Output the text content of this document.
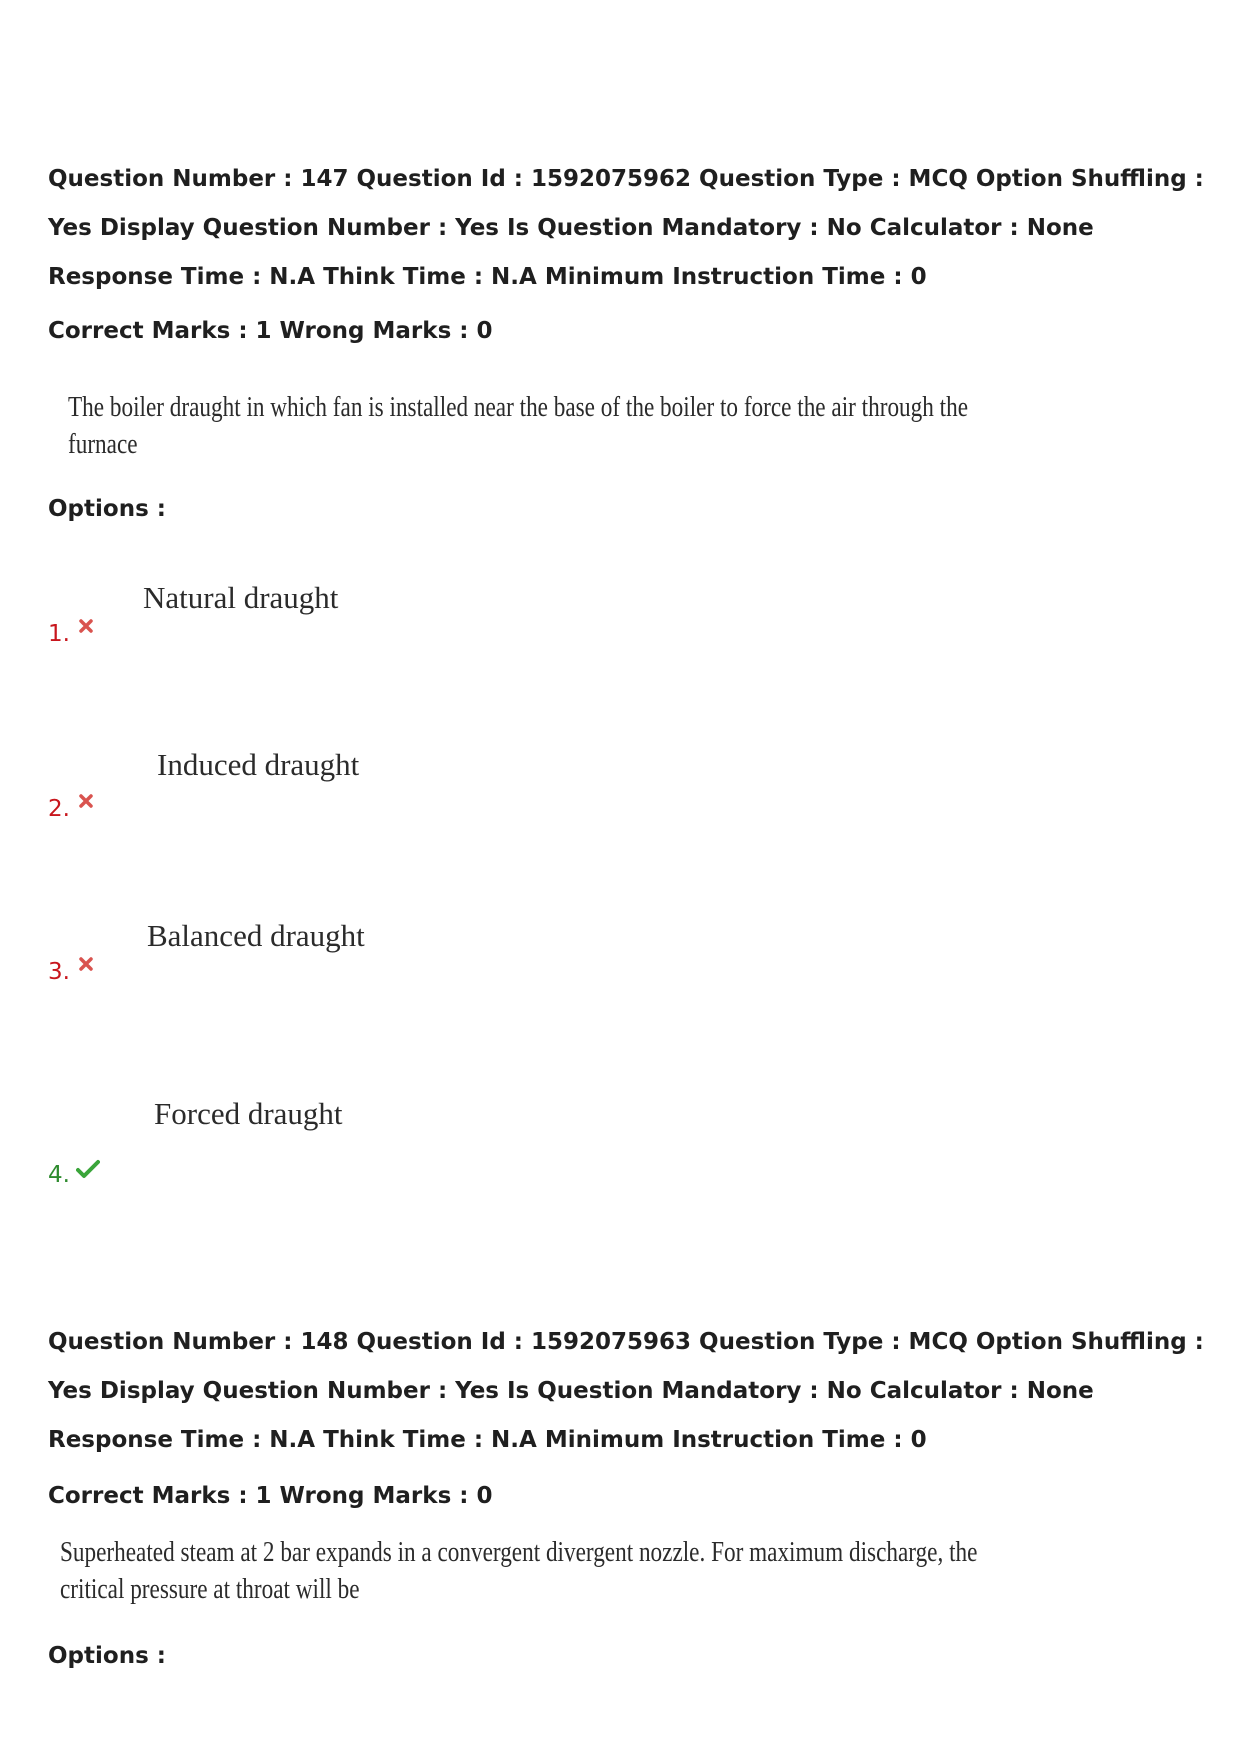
Question Number : 147 Question Id : 1592075962 Question Type : MCQ Option Shuffling : Yes Display Question Number : Yes Is Question Mandatory : No Calculator : None Response Time : N.A Think Time : N.A Minimum Instruction Time : 0

Correct Marks : 1 Wrong Marks : 0

The boiler draught in which fan is installed near the base of the boiler to force the air through the furnace

Options :

1.

Natural draught

2.

Induced draught

3.

Balanced draught

4.

Forced draught

Question Number : 148 Question Id : 1592075963 Question Type : MCQ Option Shuffling : Yes Display Question Number : Yes Is Question Mandatory : No Calculator : None Response Time : N.A Think Time : N.A Minimum Instruction Time : 0

Correct Marks : 1 Wrong Marks : 0

Superheated steam at 2 bar expands in a convergent divergent nozzle. For maximum discharge, the critical pressure at throat will be

Options :
